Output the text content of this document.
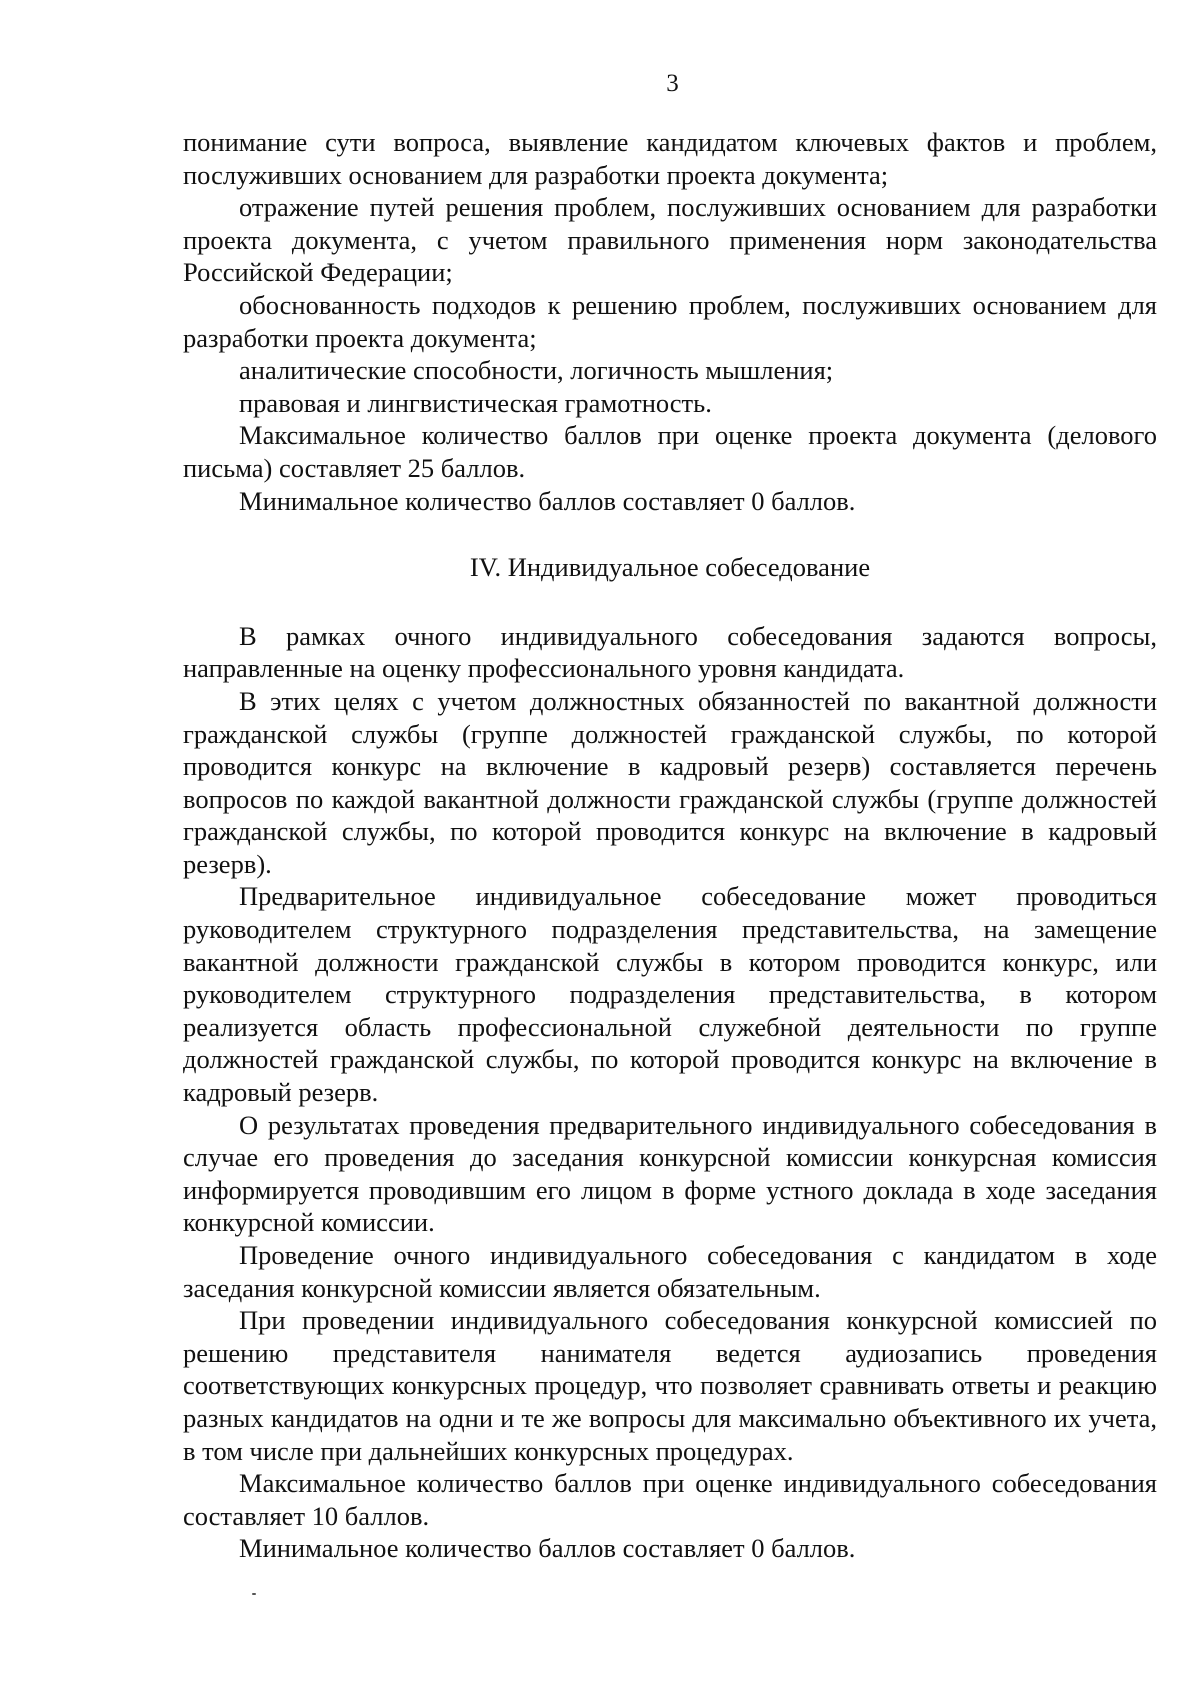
3

понимание сути вопроса, выявление кандидатом ключевых фактов и проблем, послуживших основанием для разработки проекта документа;

отражение путей решения проблем, послуживших основанием для разработки проекта документа, с учетом правильного применения норм законодательства Российской Федерации;

обоснованность подходов к решению проблем, послуживших основанием для разработки проекта документа;

аналитические способности, логичность мышления;

правовая и лингвистическая грамотность.

Максимальное количество баллов при оценке проекта документа (делового письма) составляет 25 баллов.

Минимальное количество баллов составляет 0 баллов.

IV. Индивидуальное собеседование

В рамках очного индивидуального собеседования задаются вопросы, направленные на оценку профессионального уровня кандидата.

В этих целях с учетом должностных обязанностей по вакантной должности гражданской службы (группе должностей гражданской службы, по которой проводится конкурс на включение в кадровый резерв) составляется перечень вопросов по каждой вакантной должности гражданской службы (группе должностей гражданской службы, по которой проводится конкурс на включение в кадровый резерв).

Предварительное индивидуальное собеседование может проводиться руководителем структурного подразделения представительства, на замещение вакантной должности гражданской службы в котором проводится конкурс, или руководителем структурного подразделения представительства, в котором реализуется область профессиональной служебной деятельности по группе должностей гражданской службы, по которой проводится конкурс на включение в кадровый резерв.

О результатах проведения предварительного индивидуального собеседования в случае его проведения до заседания конкурсной комиссии конкурсная комиссия информируется проводившим его лицом в форме устного доклада в ходе заседания конкурсной комиссии.

Проведение очного индивидуального собеседования с кандидатом в ходе заседания конкурсной комиссии является обязательным.

При проведении индивидуального собеседования конкурсной комиссией по решению представителя нанимателя ведется аудиозапись проведения соответствующих конкурсных процедур, что позволяет сравнивать ответы и реакцию разных кандидатов на одни и те же вопросы для максимально объективного их учета, в том числе при дальнейших конкурсных процедурах.

Максимальное количество баллов при оценке индивидуального собеседования составляет 10 баллов.

Минимальное количество баллов составляет 0 баллов.
